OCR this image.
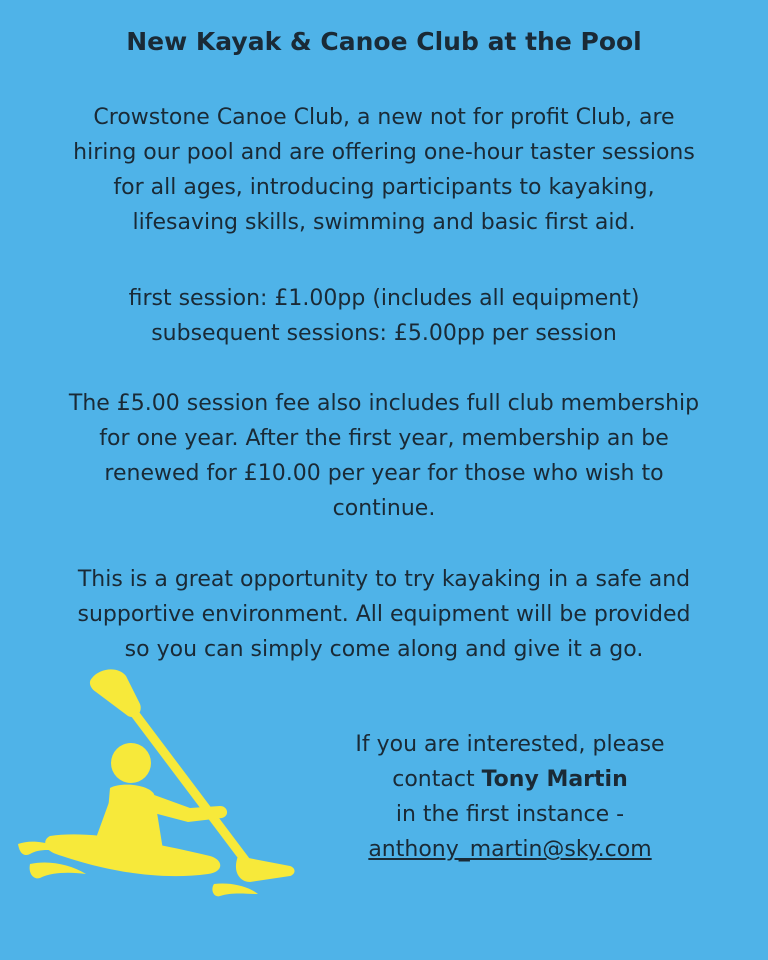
New Kayak & Canoe Club at the Pool
Crowstone Canoe Club, a new not for profit Club, are
hiring our pool and are offering one-hour taster sessions
for all ages, introducing participants to kayaking,
lifesaving skills, swimming and basic first aid.
first session: £1.00pp (includes all equipment)
subsequent sessions: £5.00pp per session
The £5.00 session fee also includes full club membership
for one year. After the first year, membership an be
renewed for £10.00 per year for those who wish to
continue.
This is a great opportunity to try kayaking in a safe and
supportive environment. All equipment will be provided
so you can simply come along and give it a go.
If you are interested, please
contact Tony Martin
in the first instance -
anthony_martin@sky.com
